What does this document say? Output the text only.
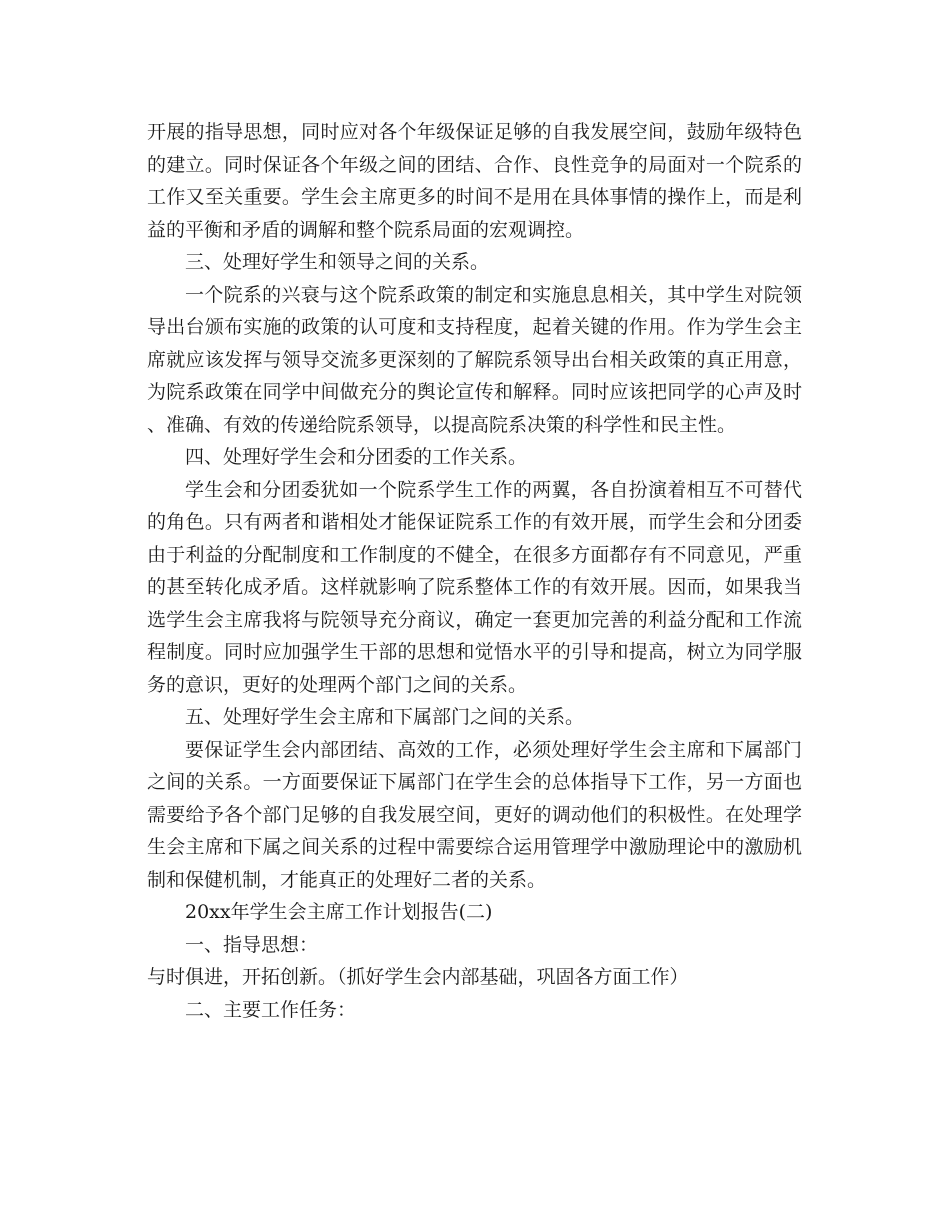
开展的指导思想，同时应对各个年级保证足够的自我发展空间，鼓励年级特色的建立。同时保证各个年级之间的团结、合作、良性竞争的局面对一个院系的工作又至关重要。学生会主席更多的时间不是用在具体事情的操作上，而是利益的平衡和矛盾的调解和整个院系局面的宏观调控。

三、处理好学生和领导之间的关系。

一个院系的兴衰与这个院系政策的制定和实施息息相关，其中学生对院领导出台颁布实施的政策的认可度和支持程度，起着关键的作用。作为学生会主席就应该发挥与领导交流多更深刻的了解院系领导出台相关政策的真正用意，为院系政策在同学中间做充分的舆论宣传和解释。同时应该把同学的心声及时、准确、有效的传递给院系领导，以提高院系决策的科学性和民主性。

四、处理好学生会和分团委的工作关系。

学生会和分团委犹如一个院系学生工作的两翼，各自扮演着相互不可替代的角色。只有两者和谐相处才能保证院系工作的有效开展，而学生会和分团委由于利益的分配制度和工作制度的不健全，在很多方面都存有不同意见，严重的甚至转化成矛盾。这样就影响了院系整体工作的有效开展。因而，如果我当选学生会主席我将与院领导充分商议，确定一套更加完善的利益分配和工作流程制度。同时应加强学生干部的思想和觉悟水平的引导和提高，树立为同学服务的意识，更好的处理两个部门之间的关系。

五、处理好学生会主席和下属部门之间的关系。

要保证学生会内部团结、高效的工作，必须处理好学生会主席和下属部门之间的关系。一方面要保证下属部门在学生会的总体指导下工作，另一方面也需要给予各个部门足够的自我发展空间，更好的调动他们的积极性。在处理学生会主席和下属之间关系的过程中需要综合运用管理学中激励理论中的激励机制和保健机制，才能真正的处理好二者的关系。

20xx年学生会主席工作计划报告(二)

一、指导思想：

与时俱进，开拓创新。（抓好学生会内部基础，巩固各方面工作）

二、主要工作任务：
